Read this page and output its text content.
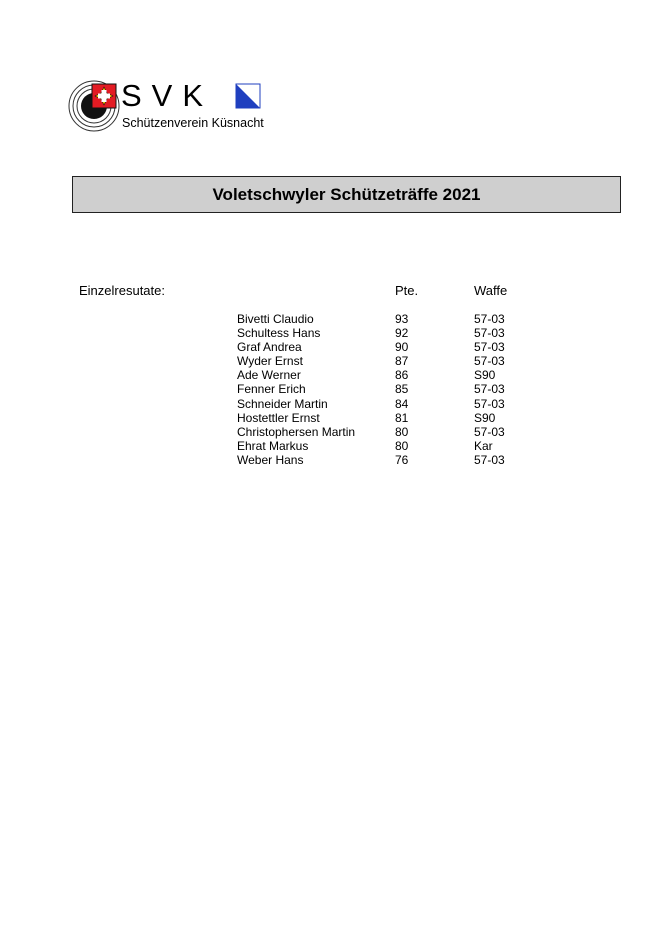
SVK
Schützenverein Küsnacht
Voletschwyler Schützeträffe 2021
Einzelresutate:	Pte.	Waffe
Bivetti Claudio	93	57-03
Schultess Hans	92	57-03
Graf Andrea	90	57-03
Wyder Ernst	87	57-03
Ade Werner	86	S90
Fenner Erich	85	57-03
Schneider Martin	84	57-03
Hostettler Ernst	81	S90
Christophersen Martin	80	57-03
Ehrat Markus	80	Kar
Weber Hans	76	57-03
